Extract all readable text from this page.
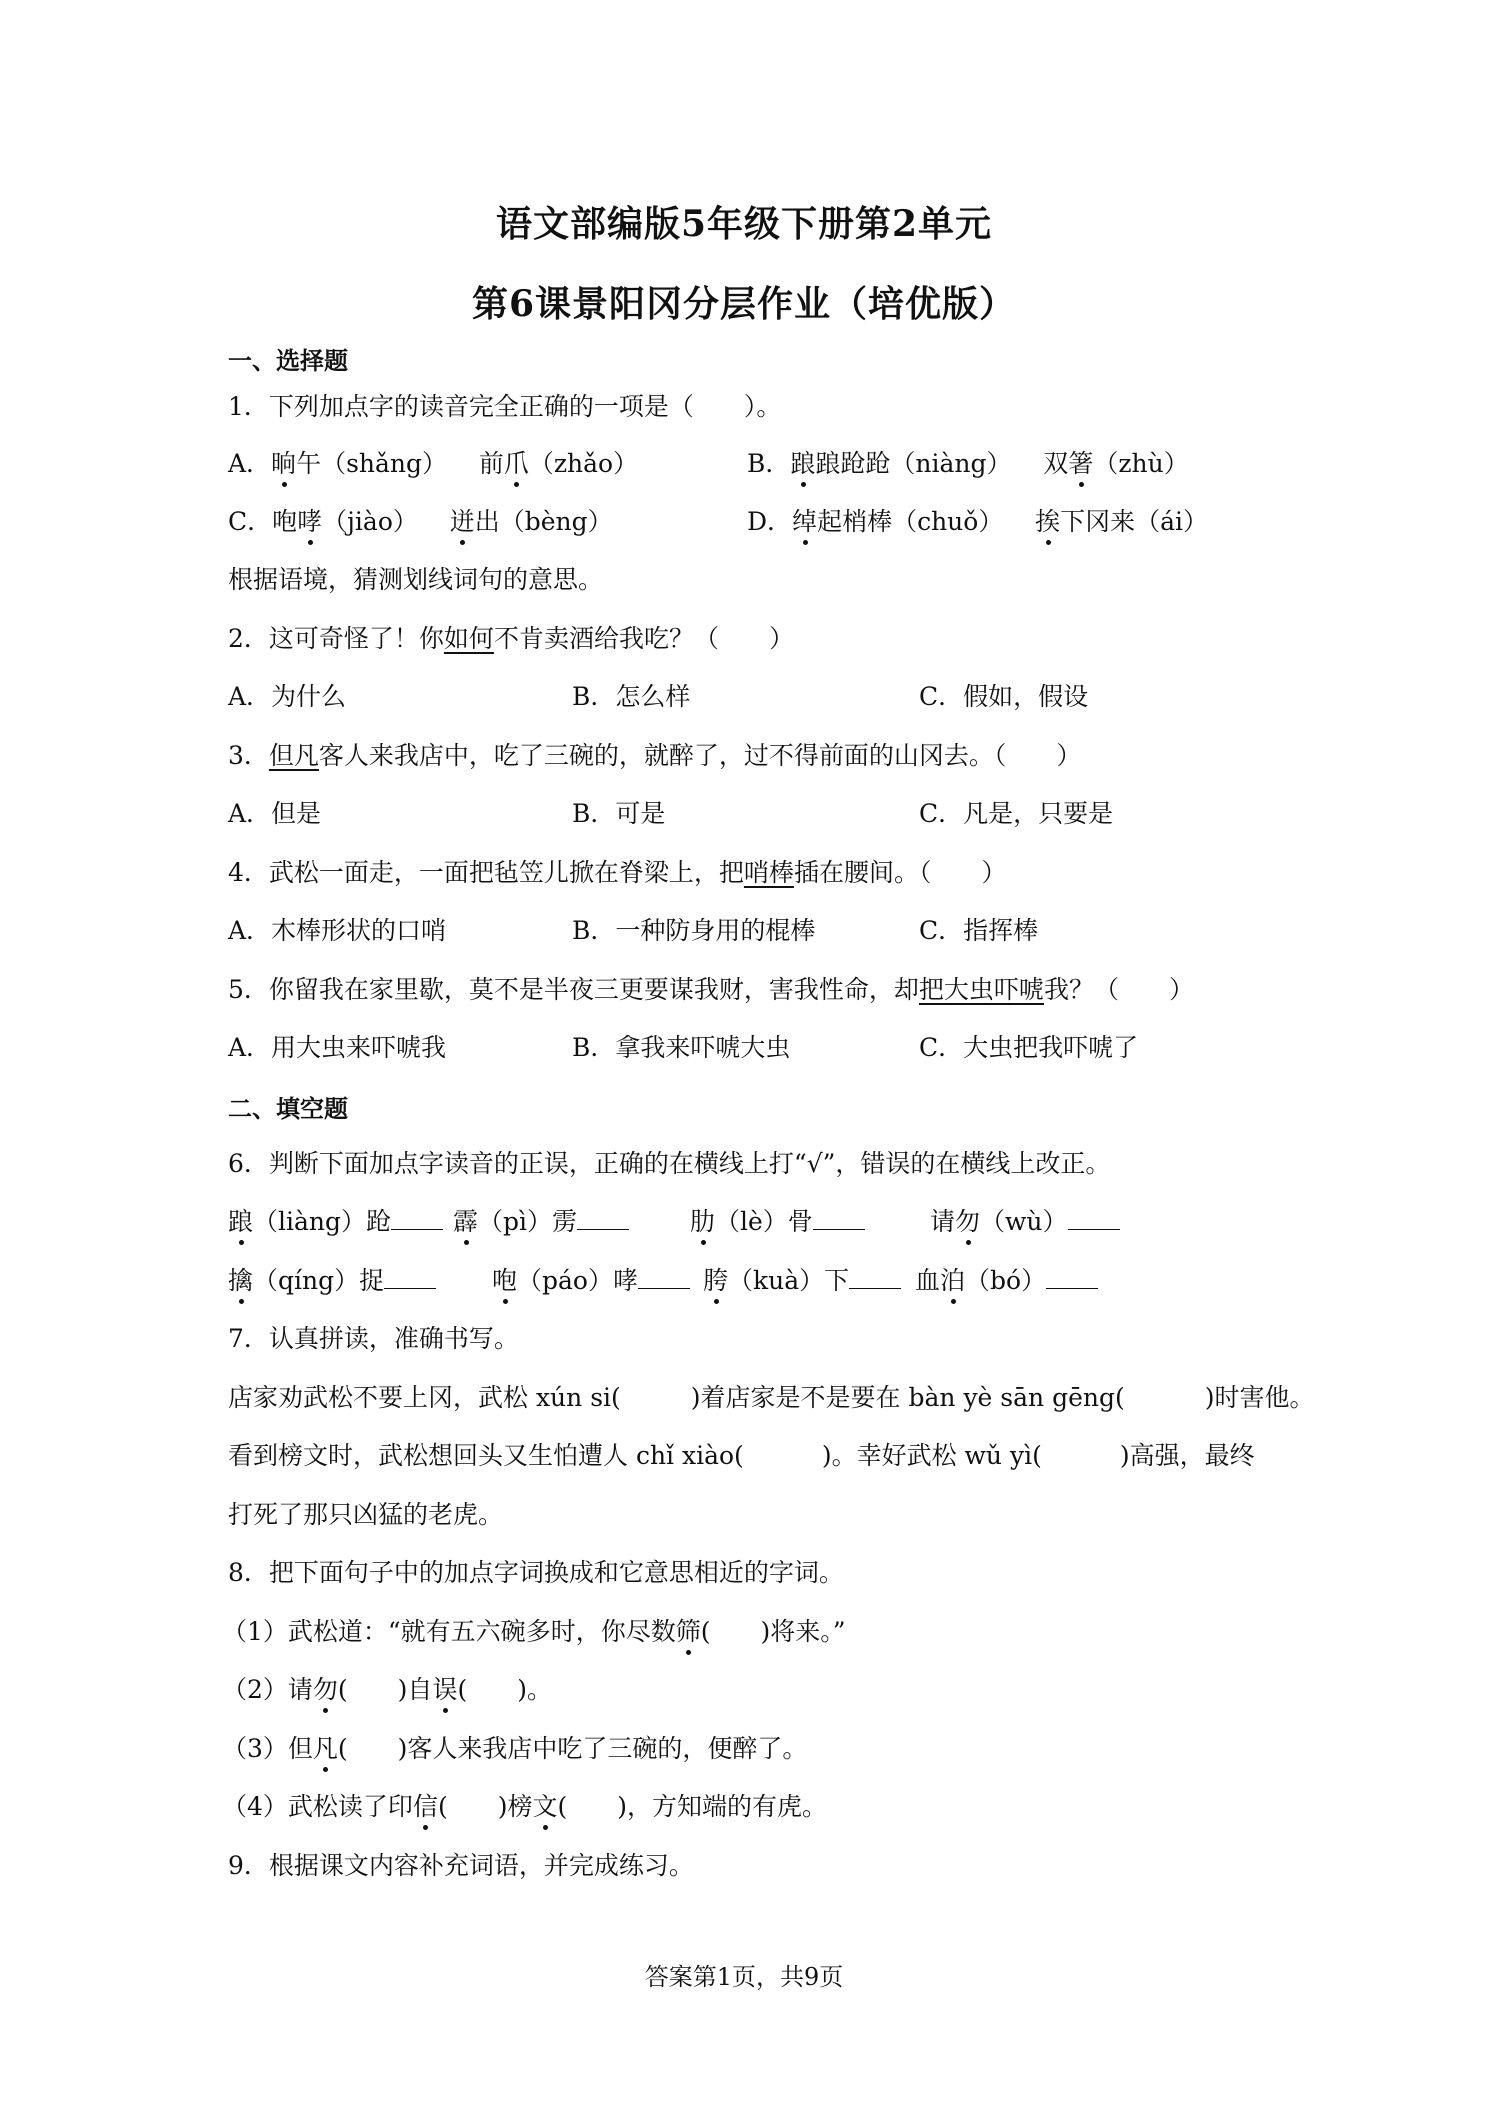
语文部编版5年级下册第2单元
第6课景阳冈分层作业（培优版）
一、选择题
1．下列加点字的读音完全正确的一项是（　　）。
A．晌午（shǎng） 前爪（zhǎo）	B．踉踉跄跄（niàng） 双箸（zhù）
C．咆哮（jiào） 迸出（bèng）	D．绰起梢棒（chuǒ） 挨下冈来（ái）
根据语境，猜测划线词句的意思。
2．这可奇怪了！你如何不肯卖酒给我吃？（　　）
A．为什么	B．怎么样	C．假如，假设
3．但凡客人来我店中，吃了三碗的，就醉了，过不得前面的山冈去。（　　）
A．但是	B．可是	C．凡是，只要是
4．武松一面走，一面把毡笠儿掀在脊梁上，把哨棒插在腰间。（　　）
A．木棒形状的口哨	B．一种防身用的棍棒	C．指挥棒
5．你留我在家里歇，莫不是半夜三更要谋我财，害我性命，却把大虫吓唬我？（　　）
A．用大虫来吓唬我	B．拿我来吓唬大虫	C．大虫把我吓唬了
二、填空题
6．判断下面加点字读音的正误，正确的在横线上打“√”，错误的在横线上改正。
踉（liàng）跄	霹（pì）雳	肋（lè）骨	请勿（wù）
擒（qíng）捉	咆（páo）哮	胯（kuà）下	血泊（bó）
7．认真拼读，准确书写。
店家劝武松不要上冈，武松 xún si(	)着店家是不是要在 bàn yè sān gēng(	)时害他。
看到榜文时，武松想回头又生怕遭人 chǐ xiào(	)。幸好武松 wǔ yì(	)高强，最终
打死了那只凶猛的老虎。
8．把下面句子中的加点字词换成和它意思相近的字词。
（1）武松道：“就有五六碗多时，你尽数筛(　　)将来。”
（2）请勿(　　)自误(　　)。
（3）但凡(　　)客人来我店中吃了三碗的，便醉了。
（4）武松读了印信(　　)榜文(　　)，方知端的有虎。
9．根据课文内容补充词语，并完成练习。
答案第1页，共9页
